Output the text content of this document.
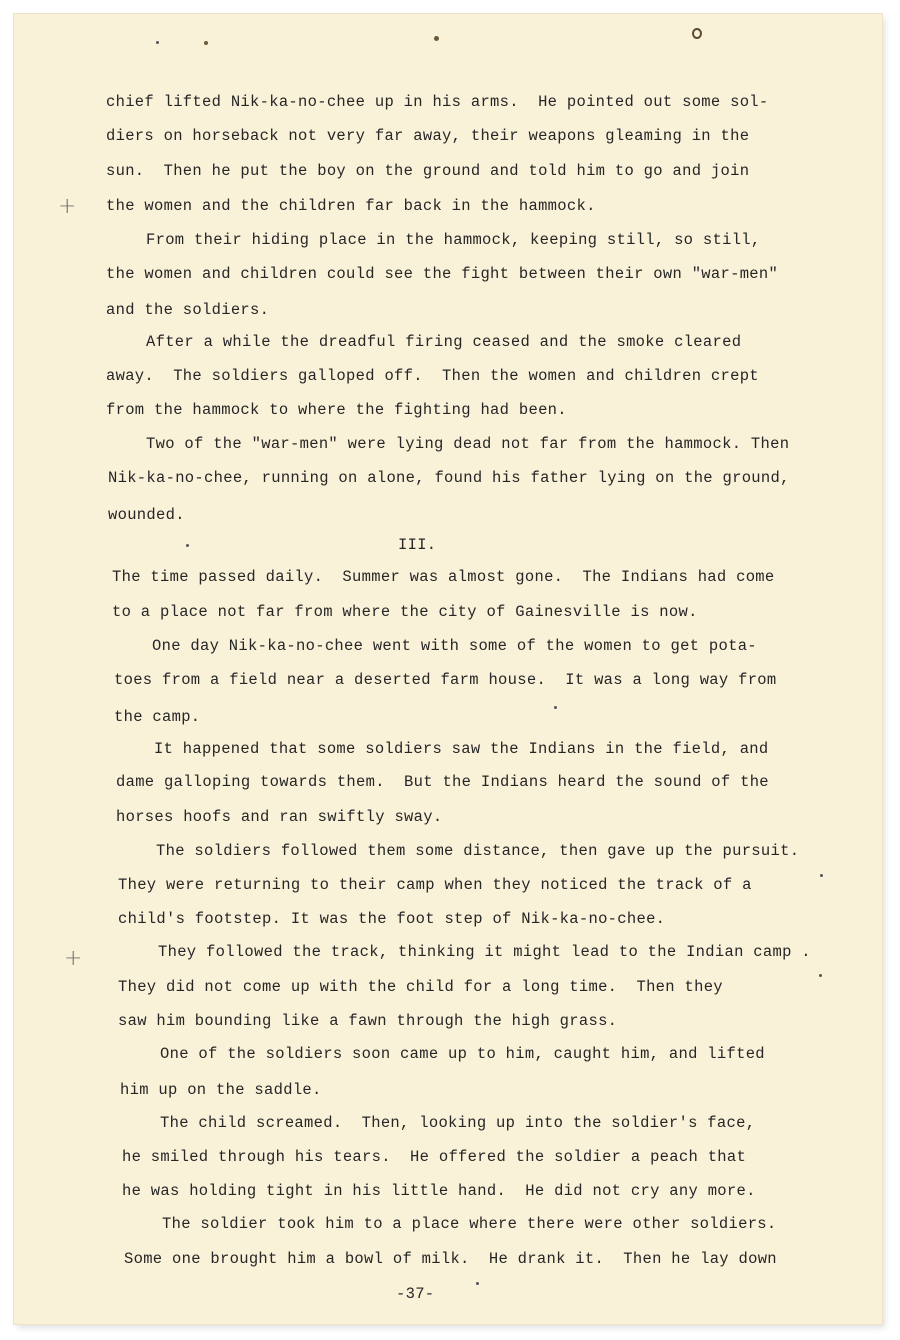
+
+
chief lifted Nik-ka-no-chee up in his arms.  He pointed out some sol-
diers on horseback not very far away, their weapons gleaming in the
sun.  Then he put the boy on the ground and told him to go and join
the women and the children far back in the hammock.
From their hiding place in the hammock, keeping still, so still,
the women and children could see the fight between their own "war-men"
and the soldiers.
After a while the dreadful firing ceased and the smoke cleared
away.  The soldiers galloped off.  Then the women and children crept
from the hammock to where the fighting had been.
Two of the "war-men" were lying dead not far from the hammock. Then
Nik-ka-no-chee, running on alone, found his father lying on the ground,
wounded.
III.
The time passed daily.  Summer was almost gone.  The Indians had come
to a place not far from where the city of Gainesville is now.
One day Nik-ka-no-chee went with some of the women to get pota-
toes from a field near a deserted farm house.  It was a long way from
the camp.
It happened that some soldiers saw the Indians in the field, and
dame galloping towards them.  But the Indians heard the sound of the
horses hoofs and ran swiftly sway.
The soldiers followed them some distance, then gave up the pursuit.
They were returning to their camp when they noticed the track of a
child's footstep. It was the foot step of Nik-ka-no-chee.
They followed the track, thinking it might lead to the Indian camp .
They did not come up with the child for a long time.  Then they
saw him bounding like a fawn through the high grass.
One of the soldiers soon came up to him, caught him, and lifted
him up on the saddle.
The child screamed.  Then, looking up into the soldier's face,
he smiled through his tears.  He offered the soldier a peach that
he was holding tight in his little hand.  He did not cry any more.
The soldier took him to a place where there were other soldiers.
Some one brought him a bowl of milk.  He drank it.  Then he lay down
-37-
